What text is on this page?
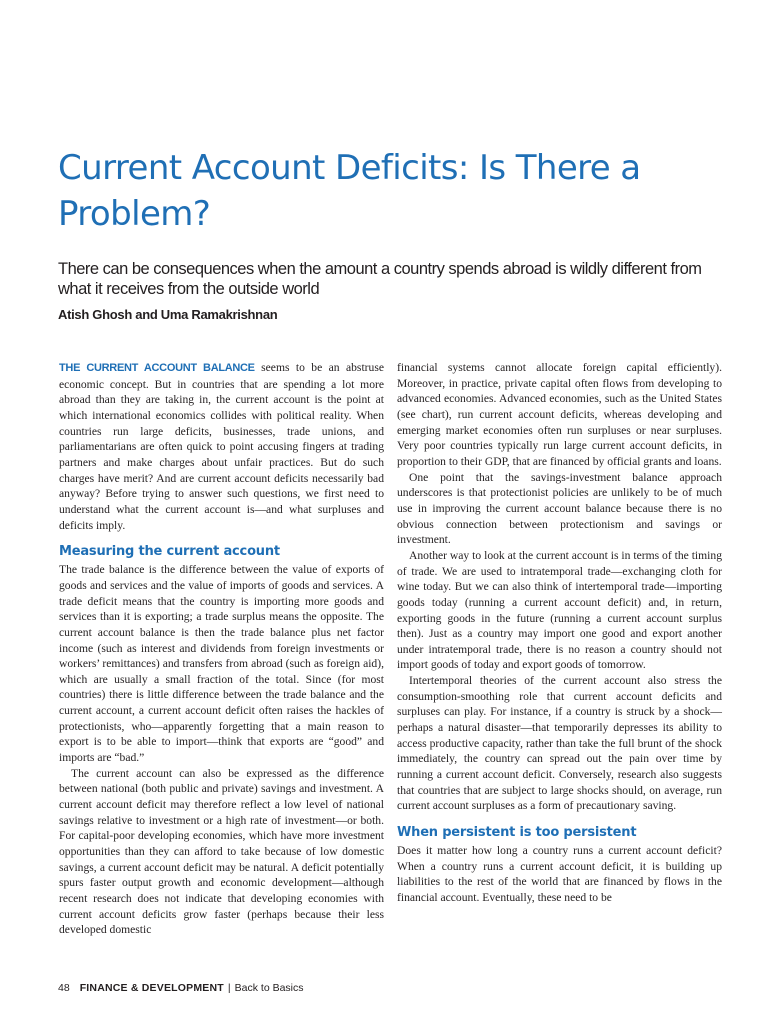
Current Account Deficits: Is There a Problem?

There can be consequences when the amount a country spends abroad is wildly different from what it receives from the outside world

Atish Ghosh and Uma Ramakrishnan

THE CURRENT ACCOUNT BALANCE seems to be an abstruse economic concept. But in countries that are spending a lot more abroad than they are taking in, the current account is the point at which international economics collides with political reality. When countries run large deficits, businesses, trade unions, and parliamentarians are often quick to point accusing fingers at trading partners and make charges about unfair practices. But do such charges have merit? And are current account deficits necessarily bad anyway? Before trying to answer such questions, we first need to understand what the current account is—and what surpluses and deficits imply.

Measuring the current account

The trade balance is the difference between the value of exports of goods and services and the value of imports of goods and services. A trade deficit means that the country is importing more goods and services than it is exporting; a trade surplus means the opposite. The current account balance is then the trade balance plus net factor income (such as interest and dividends from foreign investments or workers’ remittances) and transfers from abroad (such as foreign aid), which are usually a small fraction of the total. Since (for most countries) there is little difference between the trade balance and the current account, a current account deficit often raises the hackles of protectionists, who—apparently forgetting that a main reason to export is to be able to import—think that exports are “good” and imports are “bad.”

The current account can also be expressed as the difference between national (both public and private) savings and investment. A current account deficit may therefore reflect a low level of national savings relative to investment or a high rate of investment—or both. For capital-poor developing economies, which have more investment opportunities than they can afford to take because of low domestic savings, a current account deficit may be natural. A deficit potentially spurs faster output growth and economic development—although recent research does not indicate that developing economies with current account deficits grow faster (perhaps because their less developed domestic

financial systems cannot allocate foreign capital efficiently). Moreover, in practice, private capital often flows from developing to advanced economies. Advanced economies, such as the United States (see chart), run current account deficits, whereas developing and emerging market economies often run surpluses or near surpluses. Very poor countries typically run large current account deficits, in proportion to their GDP, that are financed by official grants and loans.

One point that the savings-investment balance approach underscores is that protectionist policies are unlikely to be of much use in improving the current account balance because there is no obvious connection between protectionism and savings or investment.

Another way to look at the current account is in terms of the timing of trade. We are used to intratemporal trade—exchanging cloth for wine today. But we can also think of intertemporal trade—importing goods today (running a current account deficit) and, in return, exporting goods in the future (running a current account surplus then). Just as a country may import one good and export another under intratemporal trade, there is no reason a country should not import goods of today and export goods of tomorrow.

Intertemporal theories of the current account also stress the consumption-smoothing role that current account deficits and surpluses can play. For instance, if a country is struck by a shock—perhaps a natural disaster—that temporarily depresses its ability to access productive capacity, rather than take the full brunt of the shock immediately, the country can spread out the pain over time by running a current account deficit. Conversely, research also suggests that countries that are subject to large shocks should, on average, run current account surpluses as a form of precautionary saving.

When persistent is too persistent

Does it matter how long a country runs a current account deficit? When a country runs a current account deficit, it is building up liabilities to the rest of the world that are financed by flows in the financial account. Eventually, these need to be

48 FINANCE & DEVELOPMENT | Back to Basics
